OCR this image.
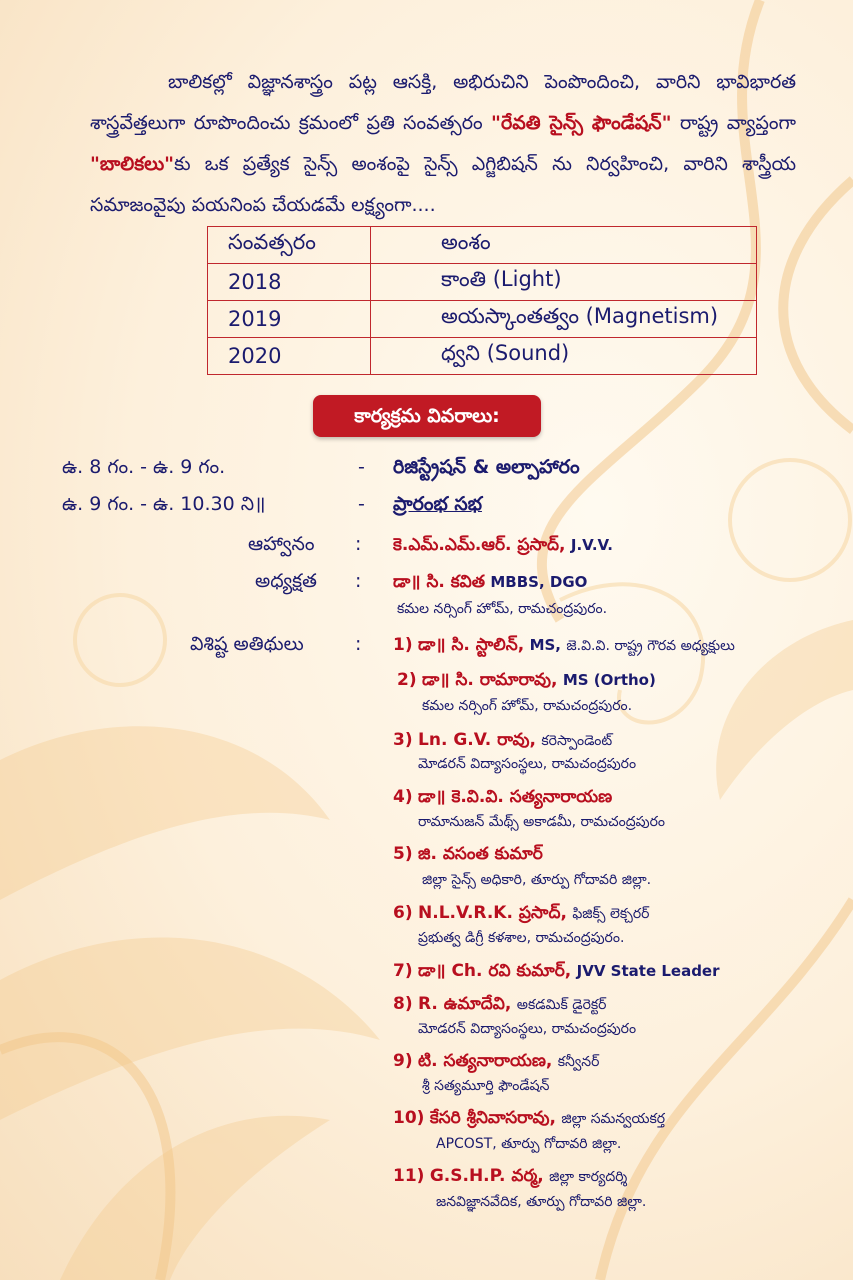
బాలికల్లో విజ్ఞానశాస్త్రం పట్ల ఆసక్తి, అభిరుచిని పెంపొందించి, వారిని భావిభారత శాస్త్రవేత్తలుగా రూపొందించు క్రమంలో ప్రతి సంవత్సరం "రేవతి సైన్స్ ఫౌండేషన్" రాష్ట్ర వ్యాప్తంగా "బాలికలు"కు ఒక ప్రత్యేక సైన్స్ అంశంపై సైన్స్ ఎగ్జిబిషన్ ను నిర్వహించి, వారిని శాస్త్రీయ సమాజంవైపు పయనింప చేయడమే లక్ష్యంగా....

సంవత్సరం	అంశం
2018	కాంతి (Light)
2019	అయస్కాంతత్వం (Magnetism)
2020	ధ్వని (Sound)
కార్యక్రమ వివరాలు:
ఉ. 8 గం. - ఉ. 9 గం.	- రిజిస్ట్రేషన్ & అల్పాహారం
ఉ. 9 గం. - ఉ. 10.30 ని॥	- ప్రారంభ సభ
ఆహ్వానం : కె.ఎమ్.ఎమ్.ఆర్. ప్రసాద్, J.V.V.
అధ్యక్షత : డా॥ సి. కవిత MBBS, DGO
కమల నర్సింగ్ హోమ్, రామచంద్రపురం.
విశిష్ట అతిథులు	: 1) డా॥ సి. స్టాలిన్, MS, జె.వి.వి. రాష్ట్ర గౌరవ అధ్యక్షులు
2) డా॥ సి. రామారావు, MS (Ortho)
కమల నర్సింగ్ హోమ్, రామచంద్రపురం.
3) Ln. G.V. రావు, కరెస్పాండెంట్
మోడరన్ విద్యాసంస్థలు, రామచంద్రపురం
4) డా॥ కె.వి.వి. సత్యనారాయణ
రామానుజన్ మేథ్స్ అకాడమీ, రామచంద్రపురం
5) జి. వసంత కుమార్
జిల్లా సైన్స్ అధికారి, తూర్పు గోదావరి జిల్లా.
6) N.L.V.R.K. ప్రసాద్, ఫిజిక్స్ లెక్చరర్
ప్రభుత్వ డిగ్రీ కళశాల, రామచంద్రపురం.
7) డా॥ Ch. రవి కుమార్, JVV State Leader
8) R. ఉమాదేవి, అకడమిక్ డైరెక్టర్
మోడరన్ విద్యాసంస్థలు, రామచంద్రపురం
9) టి. సత్యనారాయణ, కన్వీనర్
శ్రీ సత్యమూర్తి ఫౌండేషన్
10) కేసరి శ్రీనివాసరావు, జిల్లా సమన్వయకర్త
APCOST, తూర్పు గోదావరి జిల్లా.
11) G.S.H.P. వర్మ, జిల్లా కార్యదర్శి
జనవిజ్ఞానవేదిక, తూర్పు గోదావరి జిల్లా.
